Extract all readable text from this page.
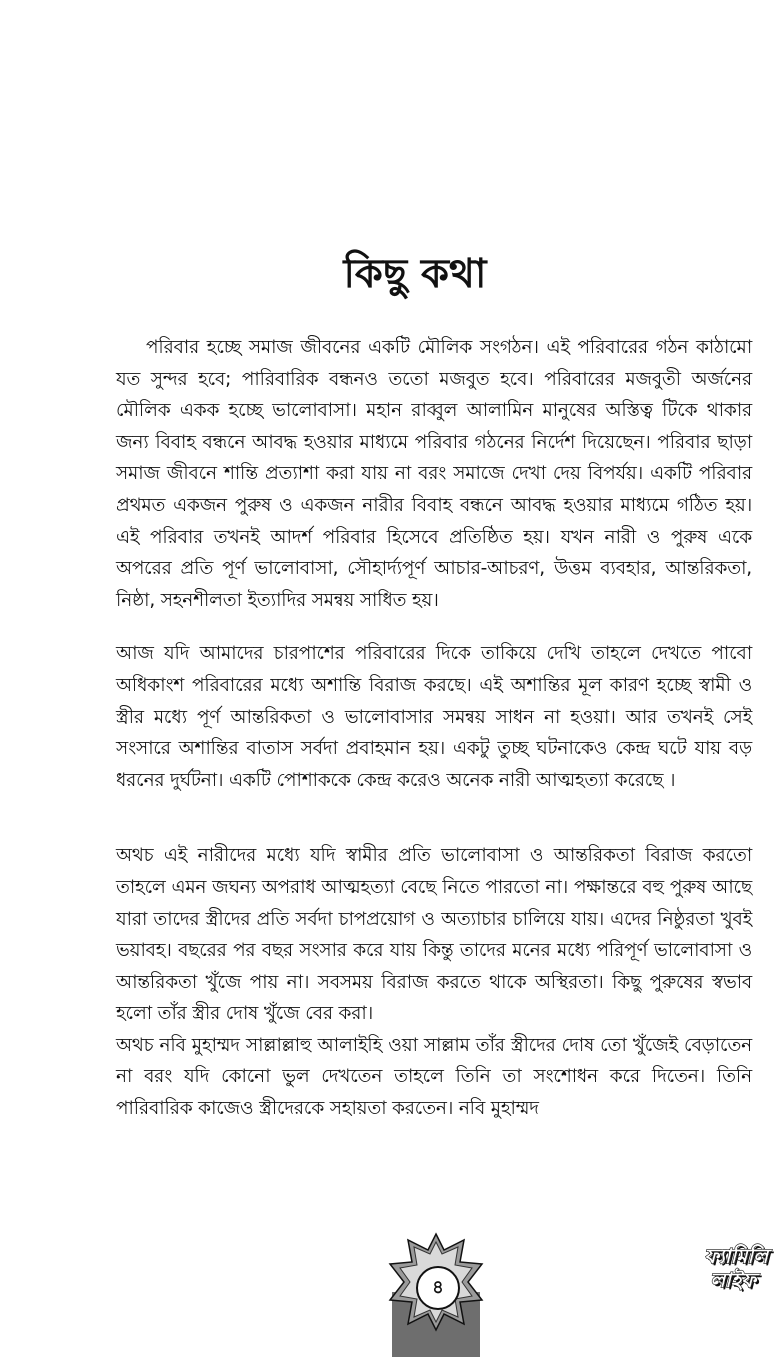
কিছু কথা

পরিবার হচ্ছে সমাজ জীবনের একটি মৌলিক সংগঠন। এই পরিবারের গঠন কাঠামো যত সুন্দর হবে; পারিবারিক বন্ধনও ততো মজবুত হবে। পরিবারের মজবুতী অর্জনের মৌলিক একক হচ্ছে ভালোবাসা। মহান রাব্বুল আলামিন মানুষের অস্তিত্ব টিকে থাকার জন্য বিবাহ বন্ধনে আবদ্ধ হওয়ার মাধ্যমে পরিবার গঠনের নির্দেশ দিয়েছেন। পরিবার ছাড়া সমাজ জীবনে শান্তি প্রত্যাশা করা যায় না বরং সমাজে দেখা দেয় বিপর্যয়। একটি পরিবার প্রথমত একজন পুরুষ ও একজন নারীর বিবাহ বন্ধনে আবদ্ধ হওয়ার মাধ্যমে গঠিত হয়। এই পরিবার তখনই আদর্শ পরিবার হিসেবে প্রতিষ্ঠিত হয়। যখন নারী ও পুরুষ একে অপরের প্রতি পূর্ণ ভালোবাসা, সৌহার্দ্যপূর্ণ আচার-আচরণ, উত্তম ব্যবহার, আন্তরিকতা, নিষ্ঠা, সহনশীলতা ইত্যাদির সমন্বয় সাধিত হয়।

আজ যদি আমাদের চারপাশের পরিবারের দিকে তাকিয়ে দেখি তাহলে দেখতে পাবো অধিকাংশ পরিবারের মধ্যে অশান্তি বিরাজ করছে। এই অশান্তির মূল কারণ হচ্ছে স্বামী ও স্ত্রীর মধ্যে পূর্ণ আন্তরিকতা ও ভালোবাসার সমন্বয় সাধন না হওয়া। আর তখনই সেই সংসারে অশান্তির বাতাস সর্বদা প্রবাহমান হয়। একটু তুচ্ছ ঘটনাকেও কেন্দ্র ঘটে যায় বড় ধরনের দুর্ঘটনা। একটি পোশাককে কেন্দ্র করেও অনেক নারী আত্মহত্যা করেছে ।

অথচ এই নারীদের মধ্যে যদি স্বামীর প্রতি ভালোবাসা ও আন্তরিকতা বিরাজ করতো তাহলে এমন জঘন্য অপরাধ আত্মহত্যা বেছে নিতে পারতো না। পক্ষান্তরে বহু পুরুষ আছে যারা তাদের স্ত্রীদের প্রতি সর্বদা চাপপ্রয়োগ ও অত্যাচার চালিয়ে যায়। এদের নিষ্ঠুরতা খুবই ভয়াবহ। বছরের পর বছর সংসার করে যায় কিন্তু তাদের মনের মধ্যে পরিপূর্ণ ভালোবাসা ও আন্তরিকতা খুঁজে পায় না। সবসময় বিরাজ করতে থাকে অস্থিরতা। কিছু পুরুষের স্বভাব হলো তাঁর স্ত্রীর দোষ খুঁজে বের করা।

অথচ নবি মুহাম্মদ সাল্লাল্লাহু আলাইহি ওয়া সাল্লাম তাঁর স্ত্রীদের দোষ তো খুঁজেই বেড়াতেন না বরং যদি কোনো ভুল দেখতেন তাহলে তিনি তা সংশোধন করে দিতেন। তিনি পারিবারিক কাজেও স্ত্রীদেরকে সহায়তা করতেন। নবি মুহাম্মদ

৪
ফ্যামিলি
লাইফ
